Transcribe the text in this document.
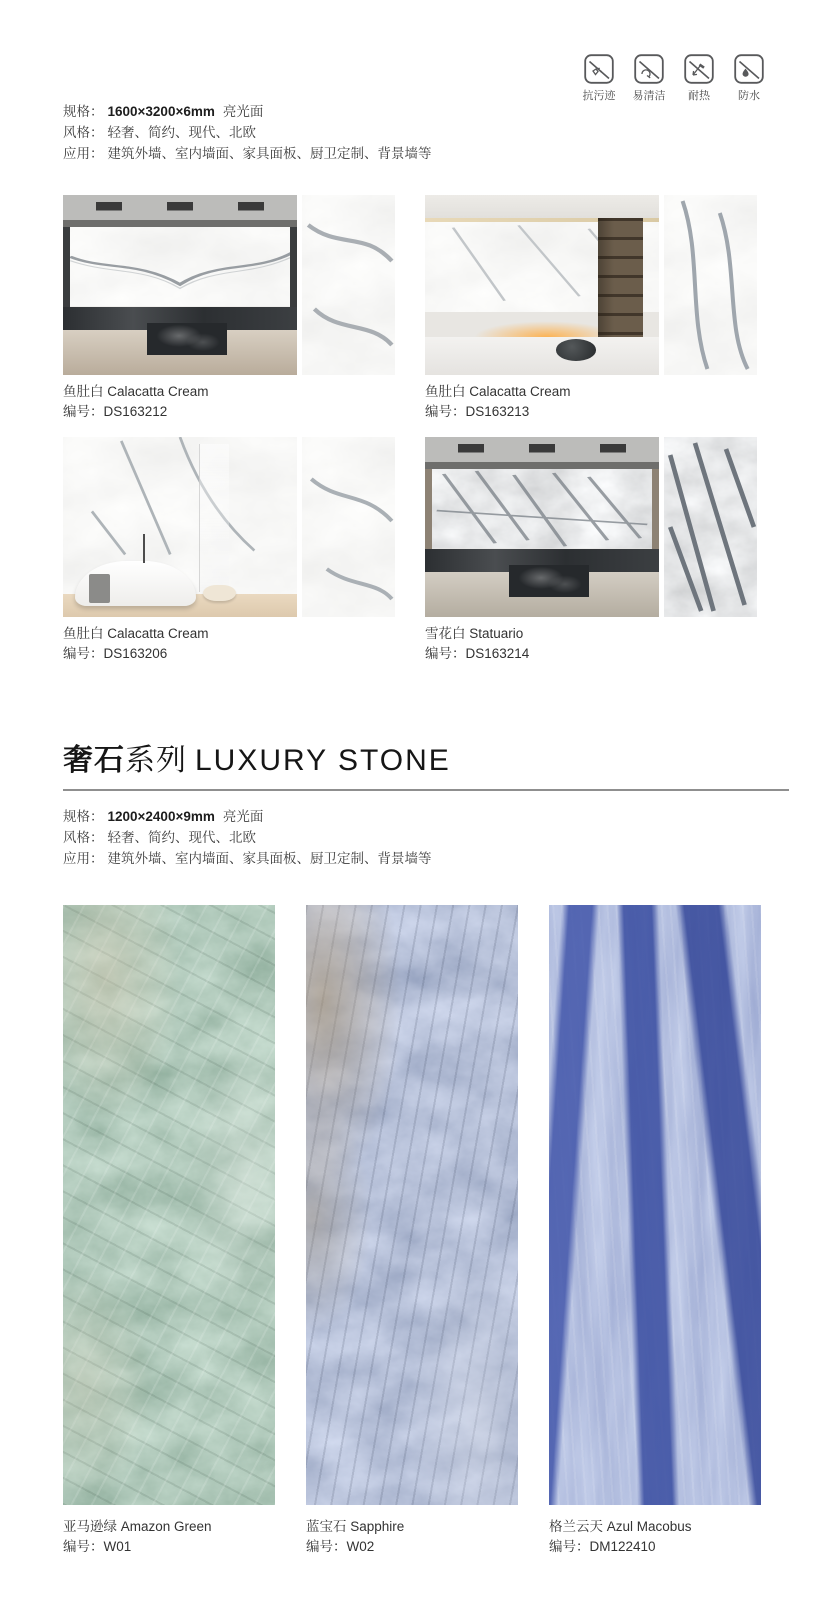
抗污迹 易清洁	耐热	防水
规格： 1600×3200×6mm 亮光面
风格： 轻奢、简约、现代、北欧
应用： 建筑外墙、室内墙面、家具面板、厨卫定制、背景墙等
鱼肚白 Calacatta Cream
编号：DS163212
鱼肚白 Calacatta Cream
编号：DS163213
鱼肚白 Calacatta Cream
编号：DS163206
雪花白 Statuario
编号：DS163214
奢石系列 LUXURY STONE
规格： 1200×2400×9mm 亮光面
风格： 轻奢、简约、现代、北欧
应用： 建筑外墙、室内墙面、家具面板、厨卫定制、背景墙等
亚马逊绿 Amazon Green
编号：W01
蓝宝石 Sapphire
编号：W02
格兰云天 Azul Macobus
编号：DM122410
